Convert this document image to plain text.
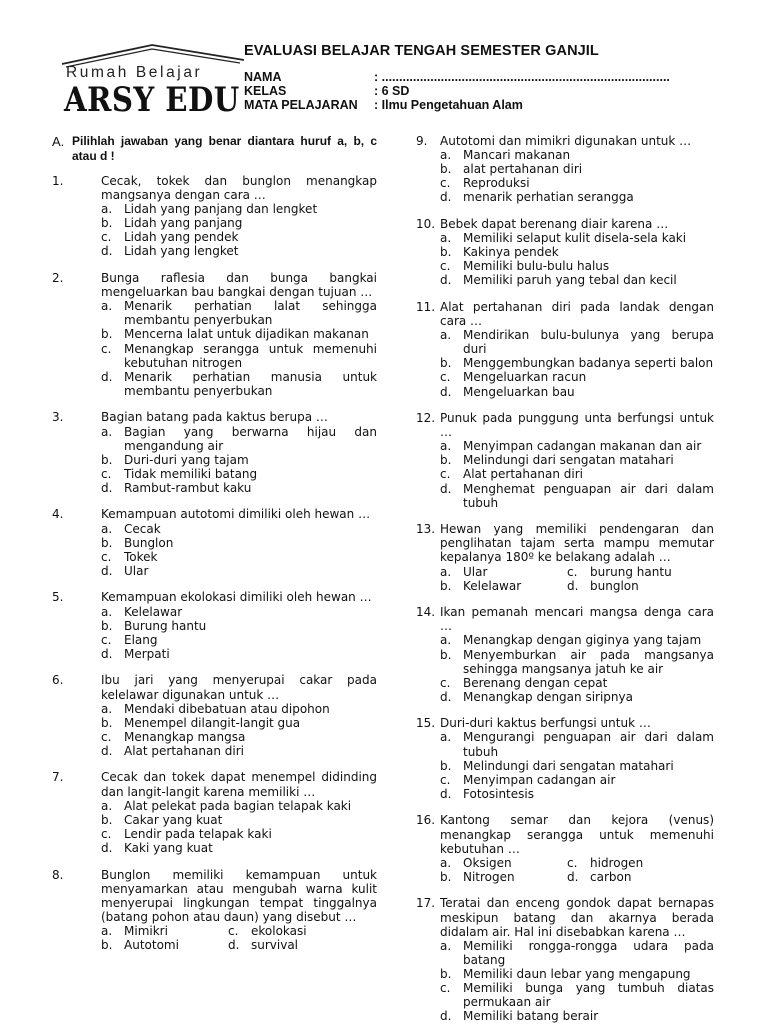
Rumah Belajar
ARSY EDU
EVALUASI BELAJAR TENGAH SEMESTER GANJIL
NAMA	: ...................................................................................
KELAS	: 6 SD
MATA PELAJARAN	: Ilmu Pengetahuan Alam
A. Pilihlah jawaban yang benar diantara huruf a, b, c atau d !
1.	Cecak, tokek dan bunglon menangkap mangsanya dengan cara …
a. Lidah yang panjang dan lengket
b. Lidah yang panjang
c.	Lidah yang pendek
d. Lidah yang lengket
2.	Bunga raflesia dan bunga bangkai mengeluarkan bau bangkai dengan tujuan …
a. Menarik perhatian lalat sehingga membantu penyerbukan
b. Mencerna lalat untuk dijadikan makanan
c.	Menangkap serangga untuk memenuhi kebutuhan nitrogen
d. Menarik perhatian manusia untuk membantu penyerbukan
3.	Bagian batang pada kaktus berupa …
a. Bagian yang berwarna hijau dan mengandung air
b. Duri-duri yang tajam
c.	Tidak memiliki batang
d. Rambut-rambut kaku
4.	Kemampuan autotomi dimiliki oleh hewan …
a. Cecak
b. Bunglon
c.	Tokek
d. Ular
5.	Kemampuan ekolokasi dimiliki oleh hewan …
a. Kelelawar
b. Burung hantu
c.	Elang
d. Merpati
6.	Ibu jari yang menyerupai cakar pada kelelawar digunakan untuk …
a. Mendaki dibebatuan atau dipohon
b. Menempel dilangit-langit gua
c.	Menangkap mangsa
d. Alat pertahanan diri
7.	Cecak dan tokek dapat menempel didinding dan langit-langit karena memiliki …
a. Alat pelekat pada bagian telapak kaki
b. Cakar yang kuat
c.	Lendir pada telapak kaki
d. Kaki yang kuat
8.	Bunglon memiliki kemampuan untuk menyamarkan atau mengubah warna kulit menyerupai lingkungan tempat tinggalnya (batang pohon atau daun) yang disebut …
a. Mimikri	c.	ekolokasi
b. Autotomi	d. survival
9.	Autotomi dan mimikri digunakan untuk …
a. Mancari makanan
b. alat pertahanan diri
c.	Reproduksi
d. menarik perhatian serangga
10. Bebek dapat berenang diair karena …
a. Memiliki selaput kulit disela-sela kaki
b. Kakinya pendek
c.	Memiliki bulu-bulu halus
d. Memiliki paruh yang tebal dan kecil
11. Alat pertahanan diri pada landak dengan cara …
a. Mendirikan bulu-bulunya yang berupa duri
b. Menggembungkan badanya seperti balon
c.	Mengeluarkan racun
d. Mengeluarkan bau
12. Punuk pada punggung unta berfungsi untuk …
a. Menyimpan cadangan makanan dan air
b. Melindungi dari sengatan matahari
c.	Alat pertahanan diri
d. Menghemat penguapan air dari dalam tubuh
13. Hewan yang memiliki pendengaran dan penglihatan tajam serta mampu memutar kepalanya 180º ke belakang adalah …
a. Ular	c.	burung hantu
b. Kelelawar	d. bunglon
14. Ikan pemanah mencari mangsa denga cara …
a. Menangkap dengan giginya yang tajam
b. Menyemburkan air pada mangsanya sehingga mangsanya jatuh ke air
c.	Berenang dengan cepat
d. Menangkap dengan siripnya
15. Duri-duri kaktus berfungsi untuk …
a. Mengurangi penguapan air dari dalam tubuh
b. Melindungi dari sengatan matahari
c.	Menyimpan cadangan air
d. Fotosintesis
16. Kantong semar dan kejora (venus) menangkap serangga untuk memenuhi kebutuhan …
a. Oksigen	c.	hidrogen
b. Nitrogen	d. carbon
17. Teratai dan enceng gondok dapat bernapas meskipun batang dan akarnya berada didalam air. Hal ini disebabkan karena …
a. Memiliki rongga-rongga udara pada batang
b. Memiliki daun lebar yang mengapung
c.	Memiliki bunga yang tumbuh diatas permukaan air
d. Memiliki batang berair
